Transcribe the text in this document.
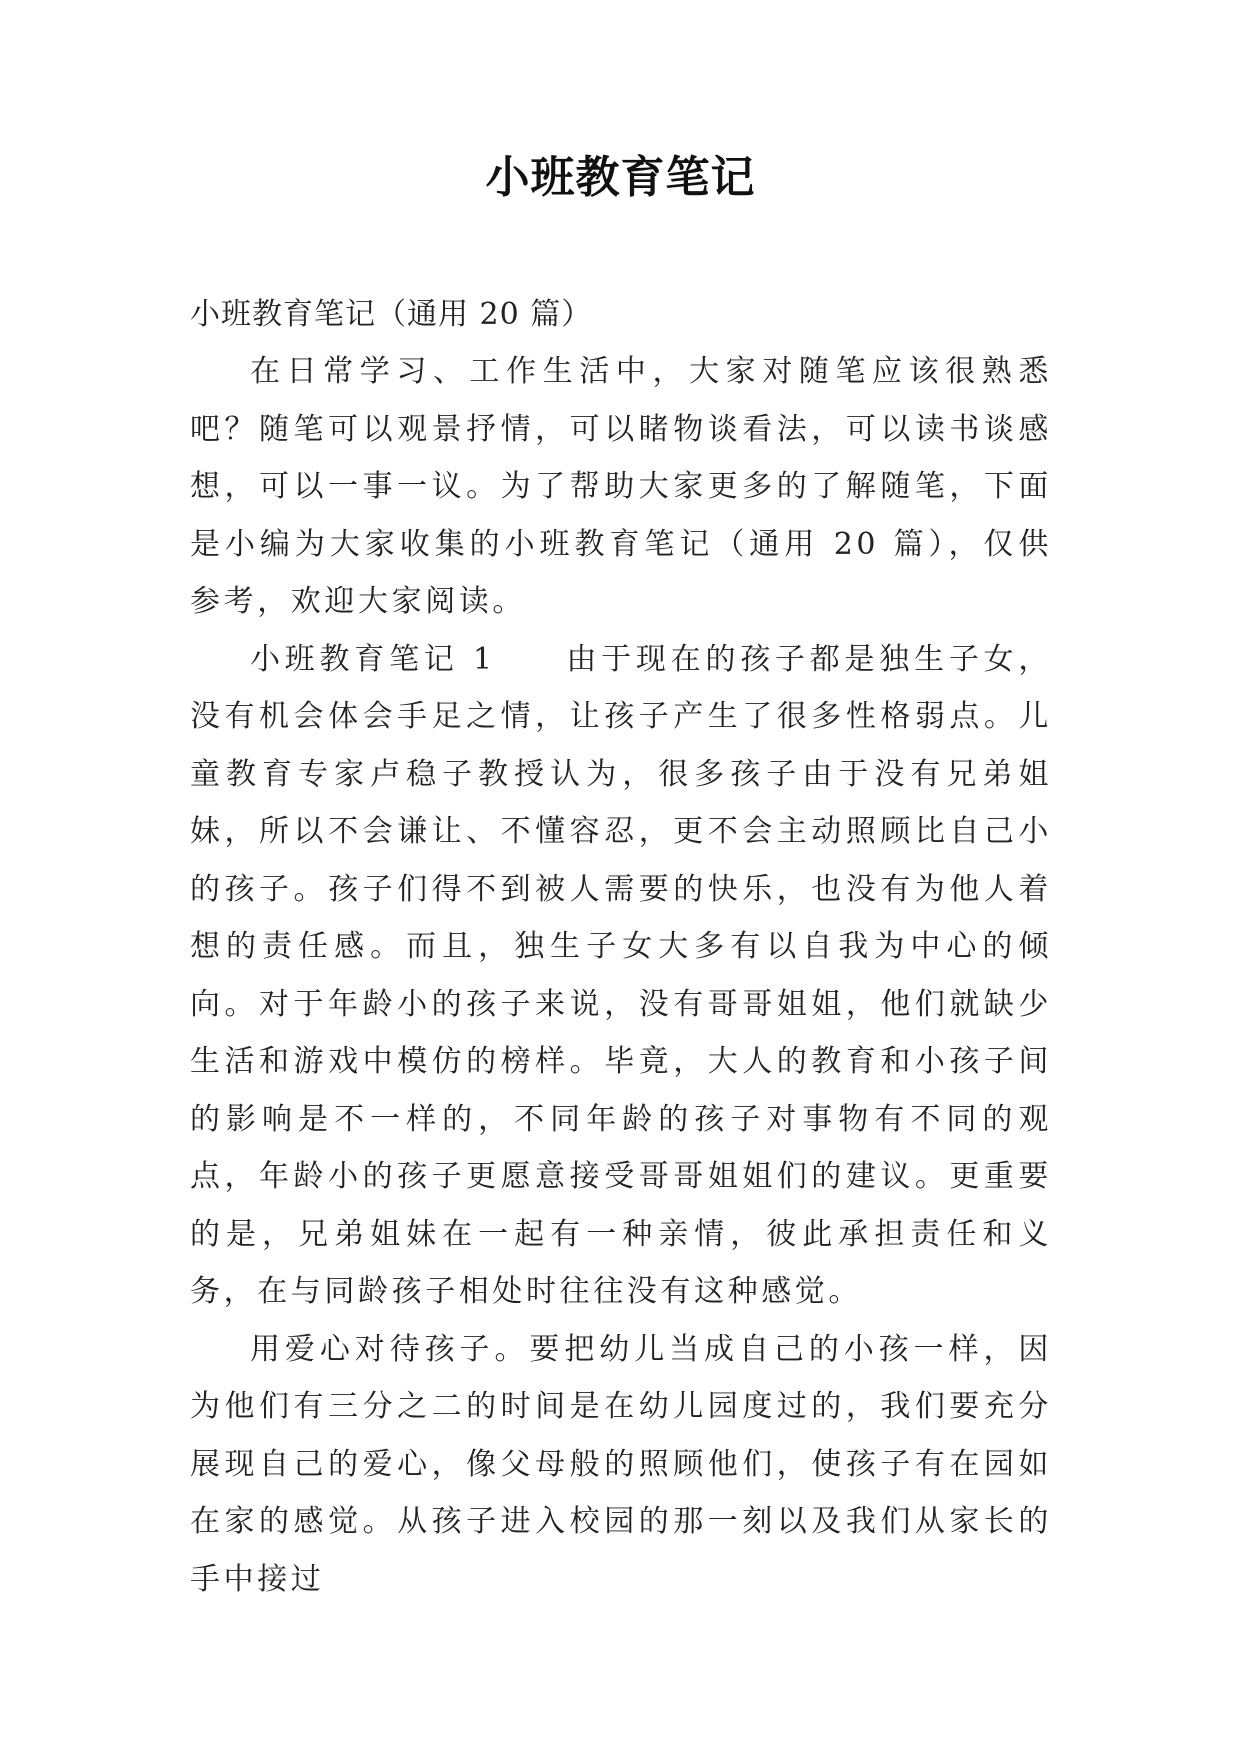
小班教育笔记

小班教育笔记（通用 20 篇）

在日常学习、工作生活中，大家对随笔应该很熟悉吧？随笔可以观景抒情，可以睹物谈看法，可以读书谈感想，可以一事一议。为了帮助大家更多的了解随笔，下面是小编为大家收集的小班教育笔记（通用 20 篇），仅供参考，欢迎大家阅读。

小班教育笔记 1　　由于现在的孩子都是独生子女，没有机会体会手足之情，让孩子产生了很多性格弱点。儿童教育专家卢稳子教授认为，很多孩子由于没有兄弟姐妹，所以不会谦让、不懂容忍，更不会主动照顾比自己小的孩子。孩子们得不到被人需要的快乐，也没有为他人着想的责任感。而且，独生子女大多有以自我为中心的倾向。对于年龄小的孩子来说，没有哥哥姐姐，他们就缺少生活和游戏中模仿的榜样。毕竟，大人的教育和小孩子间的影响是不一样的，不同年龄的孩子对事物有不同的观点，年龄小的孩子更愿意接受哥哥姐姐们的建议。更重要的是，兄弟姐妹在一起有一种亲情，彼此承担责任和义务，在与同龄孩子相处时往往没有这种感觉。

用爱心对待孩子。要把幼儿当成自己的小孩一样，因为他们有三分之二的时间是在幼儿园度过的，我们要充分展现自己的爱心，像父母般的照顾他们，使孩子有在园如在家的感觉。从孩子进入校园的那一刻以及我们从家长的手中接过
